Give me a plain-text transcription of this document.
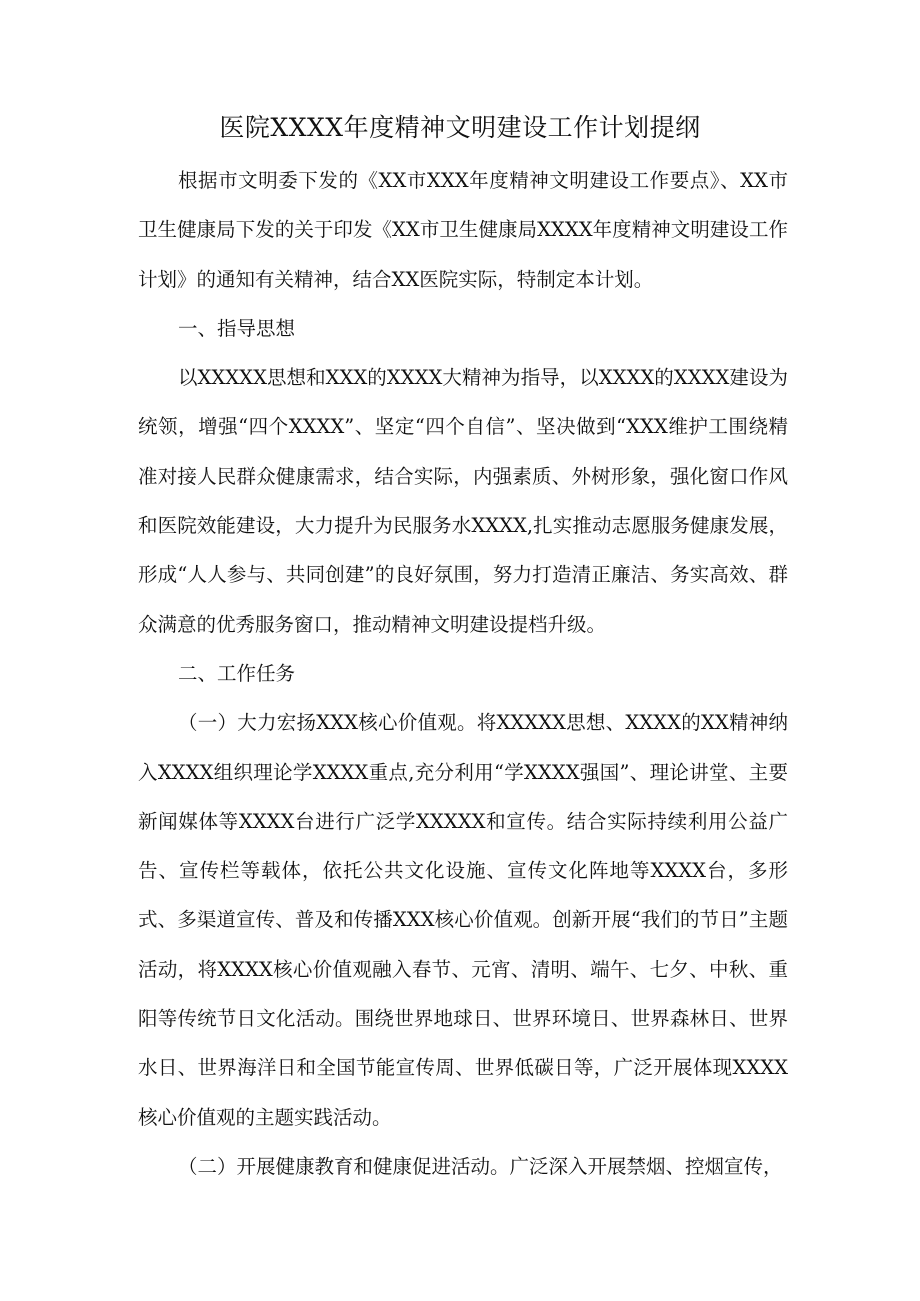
医院XXXX年度精神文明建设工作计划提纲

根据市文明委下发的《XX市XXX年度精神文明建设工作要点》、XX市卫生健康局下发的关于印发《XX市卫生健康局XXXX年度精神文明建设工作计划》的通知有关精神，结合XX医院实际，特制定本计划。

一、指导思想

以XXXXX思想和XXX的XXXX大精神为指导，以XXXX的XXXX建设为统领，增强“四个XXXX”、坚定“四个自信”、坚决做到“XXX维护工围绕精准对接人民群众健康需求，结合实际，内强素质、外树形象，强化窗口作风和医院效能建设，大力提升为民服务水XXXX,扎实推动志愿服务健康发展，形成“人人参与、共同创建”的良好氛围，努力打造清正廉洁、务实高效、群众满意的优秀服务窗口，推动精神文明建设提档升级。

二、工作任务

（一）大力宏扬XXX核心价值观。将XXXXX思想、XXXX的XX精神纳入XXXX组织理论学XXXX重点,充分利用“学XXXX强国”、理论讲堂、主要新闻媒体等XXXX台进行广泛学XXXXX和宣传。结合实际持续利用公益广告、宣传栏等载体，依托公共文化设施、宣传文化阵地等XXXX台，多形式、多渠道宣传、普及和传播XXX核心价值观。创新开展“我们的节日”主题活动，将XXXX核心价值观融入春节、元宵、清明、端午、七夕、中秋、重阳等传统节日文化活动。围绕世界地球日、世界环境日、世界森林日、世界水日、世界海洋日和全国节能宣传周、世界低碳日等，广泛开展体现XXXX核心价值观的主题实践活动。

（二）开展健康教育和健康促进活动。广泛深入开展禁烟、控烟宣传，
